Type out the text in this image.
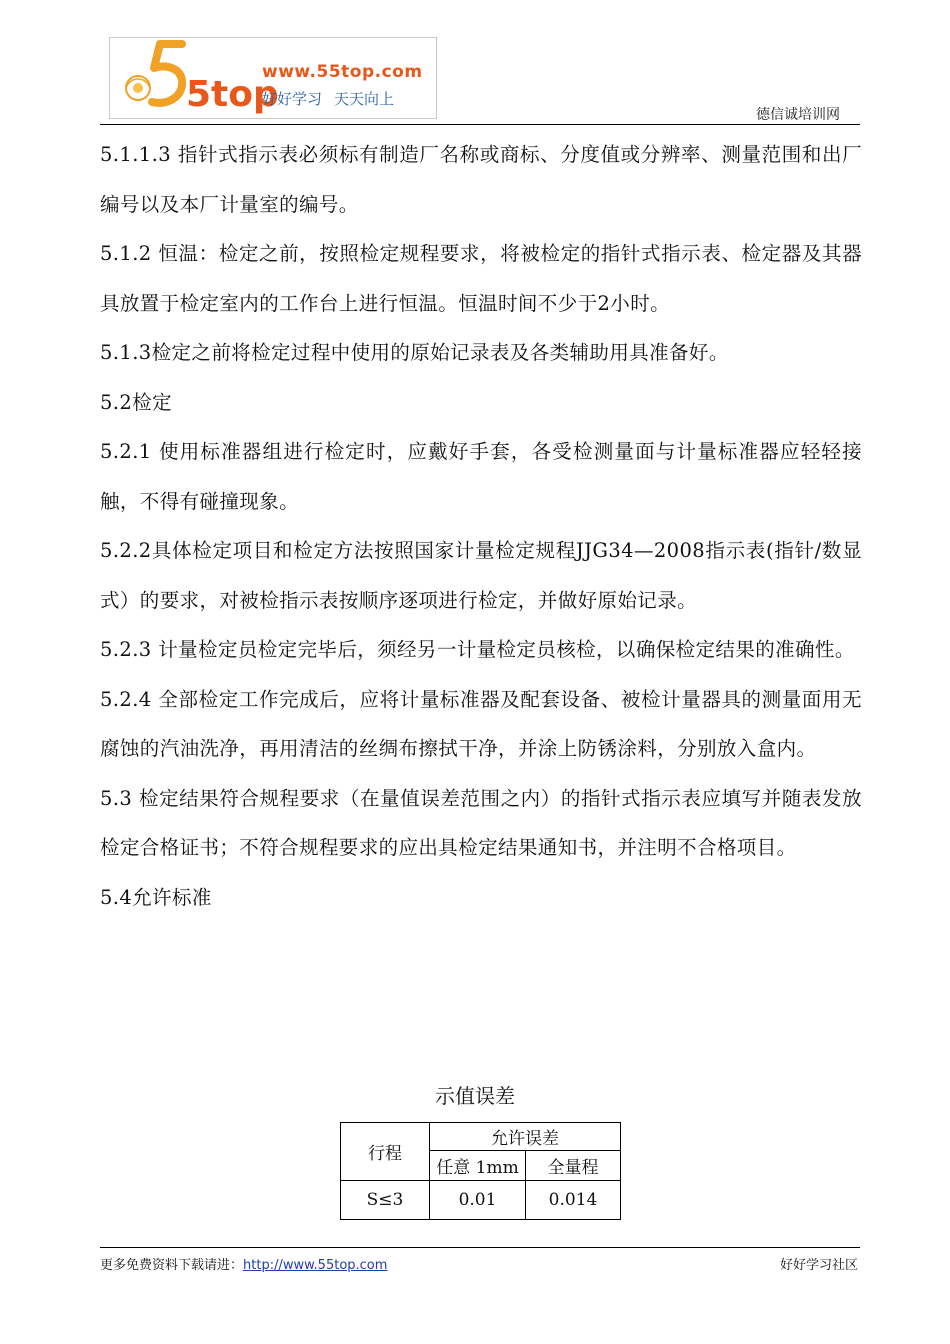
5top
www.55top.com
好好学习 天天向上
德信诚培训网

5.1.1.3 指针式指示表必须标有制造厂名称或商标、分度值或分辨率、测量范围和出厂编号以及本厂计量室的编号。

5.1.2 恒温：检定之前，按照检定规程要求，将被检定的指针式指示表、检定器及其器具放置于检定室内的工作台上进行恒温。恒温时间不少于2小时。

5.1.3检定之前将检定过程中使用的原始记录表及各类辅助用具准备好。

5.2检定

5.2.1 使用标准器组进行检定时，应戴好手套，各受检测量面与计量标准器应轻轻接触，不得有碰撞现象。

5.2.2具体检定项目和检定方法按照国家计量检定规程JJG34—2008指示表(指针/数显式）的要求，对被检指示表按顺序逐项进行检定，并做好原始记录。

5.2.3 计量检定员检定完毕后，须经另一计量检定员核检，以确保检定结果的准确性。

5.2.4 全部检定工作完成后，应将计量标准器及配套设备、被检计量器具的测量面用无腐蚀的汽油洗净，再用清洁的丝绸布擦拭干净，并涂上防锈涂料，分别放入盒内。

5.3 检定结果符合规程要求（在量值误差范围之内）的指针式指示表应填写并随表发放检定合格证书；不符合规程要求的应出具检定结果通知书，并注明不合格项目。

5.4允许标准

示值误差
行程	允许误差	
	任意 1mm	全量程
S≤3	0.01	0.014
更多免费资料下载请进：http://www.55top.com	好好学习社区
